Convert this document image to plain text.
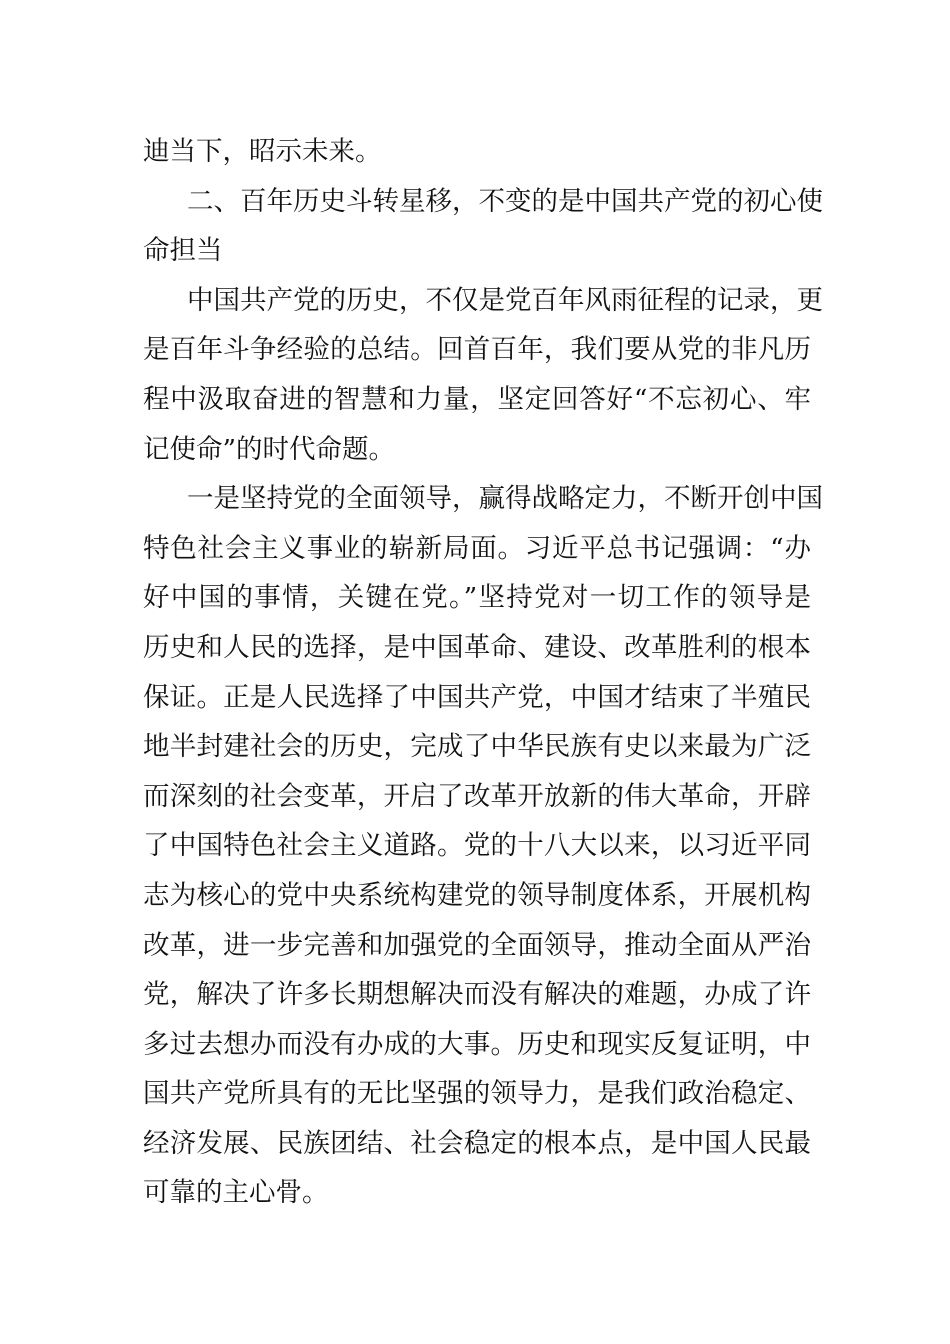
迪当下，昭示未来。
二、百年历史斗转星移，不变的是中国共产党的初心使
命担当
中国共产党的历史，不仅是党百年风雨征程的记录，更
是百年斗争经验的总结。回首百年，我们要从党的非凡历
程中汲取奋进的智慧和力量，坚定回答好“不忘初心、牢
记使命”的时代命题。
一是坚持党的全面领导，赢得战略定力，不断开创中国
特色社会主义事业的崭新局面。习近平总书记强调：“办
好中国的事情，关键在党。”坚持党对一切工作的领导是
历史和人民的选择，是中国革命、建设、改革胜利的根本
保证。正是人民选择了中国共产党，中国才结束了半殖民
地半封建社会的历史，完成了中华民族有史以来最为广泛
而深刻的社会变革，开启了改革开放新的伟大革命，开辟
了中国特色社会主义道路。党的十八大以来，以习近平同
志为核心的党中央系统构建党的领导制度体系，开展机构
改革，进一步完善和加强党的全面领导，推动全面从严治
党，解决了许多长期想解决而没有解决的难题，办成了许
多过去想办而没有办成的大事。历史和现实反复证明，中
国共产党所具有的无比坚强的领导力，是我们政治稳定、
经济发展、民族团结、社会稳定的根本点，是中国人民最
可靠的主心骨。
